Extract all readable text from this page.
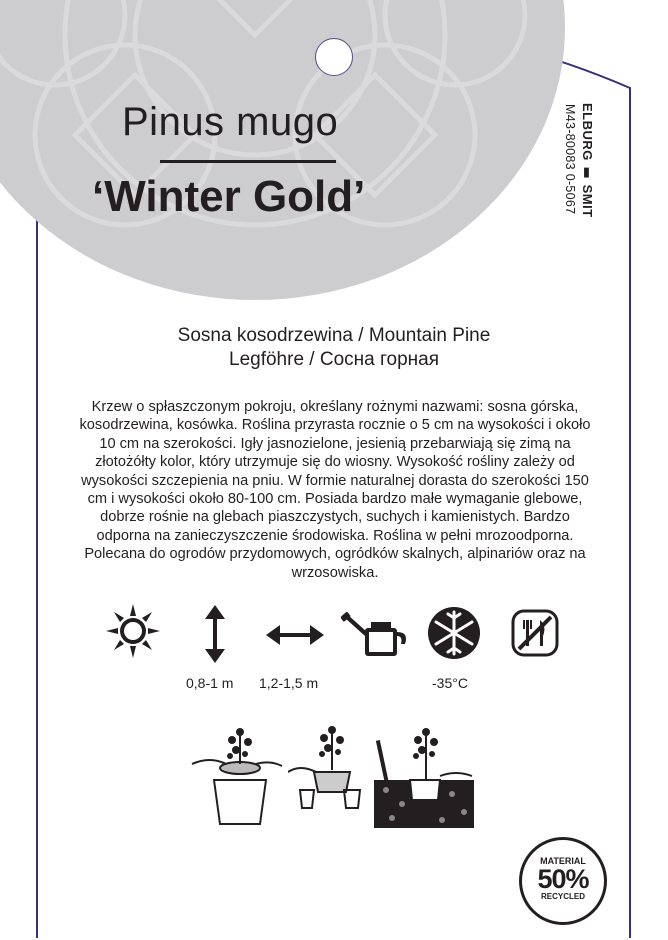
Pinus mugo
‘Winter Gold’	ELBURG ▮ SMIT
M43-80083 0-5067
Sosna kosodrzewina / Mountain Pine
Legföhre / Сосна горная

Krzew o spłaszczonym pokroju, określany rożnymi nazwami: sosna górska, kosodrzewina, kosówka. Roślina przyrasta rocznie o 5 cm na wysokości i około 10 cm na szerokości. Igły jasnozielone, jesienią przebarwiają się zimą na złotożółty kolor, który utrzymuje się do wiosny. Wysokość rośliny zależy od wysokości szczepienia na pniu. W formie naturalnej dorasta do szerokości 150 cm i wysokości około 80-100 cm. Posiada bardzo małe wymaganie glebowe, dobrze rośnie na glebach piaszczystych, suchych i kamienistych. Bardzo odporna na zanieczyszczenie środowiska. Roślina w pełni mrozoodporna. Polecana do ogrodów przydomowych, ogródków skalnych, alpinariów oraz na wrzosowiska.

0,8-1 m 1,2-1,5 m	-35°C
MATERIAL
50%
RECYCLED
